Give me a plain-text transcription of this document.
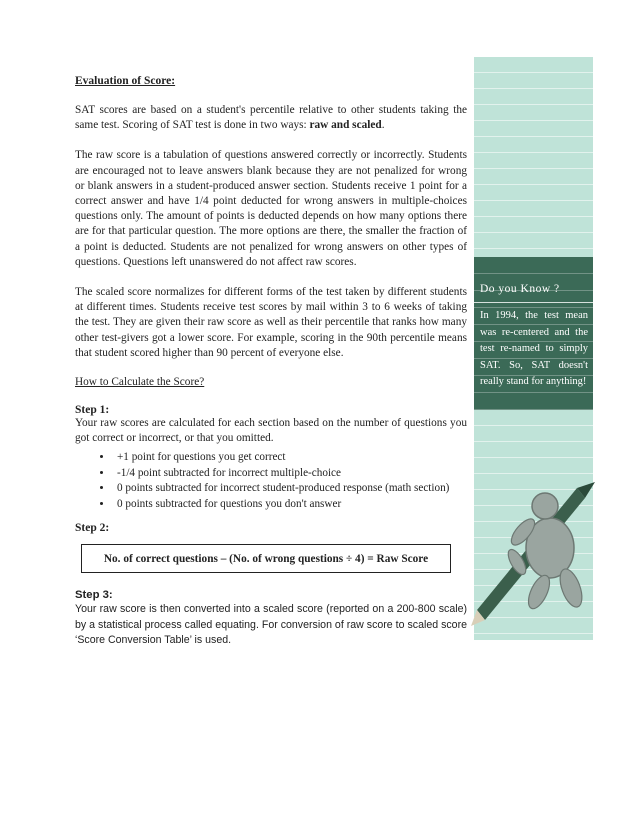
Do you Know ?
In 1994, the test mean was re-centered and the test re-named to simply SAT. So, SAT doesn't really stand for anything!

Evaluation of Score:

SAT scores are based on a student's percentile relative to other students taking the same test. Scoring of SAT test is done in two ways: raw and scaled.

The raw score is a tabulation of questions answered correctly or incorrectly. Students are encouraged not to leave answers blank because they are not penalized for wrong or blank answers in a student-produced answer section. Students receive 1 point for a correct answer and have 1/4 point deducted for wrong answers in multiple-choices questions only. The amount of points is deducted depends on how many options there are for that particular question. The more options are there, the smaller the fraction of a point is deducted. Students are not penalized for wrong answers on other types of questions. Questions left unanswered do not affect raw scores.

The scaled score normalizes for different forms of the test taken by different students at different times. Students receive test scores by mail within 3 to 6 weeks of taking the test. They are given their raw score as well as their percentile that ranks how many other test-givers got a lower score. For example, scoring in the 90th percentile means that student scored higher than 90 percent of everyone else.

How to Calculate the Score?

Step 1:

Your raw scores are calculated for each section based on the number of questions you got correct or incorrect, or that you omitted.

• +1 point for questions you get correct
• -1/4 point subtracted for incorrect multiple-choice
• 0 points subtracted for incorrect student-produced response (math section)
• 0 points subtracted for questions you don't answer

Step 2:

No. of correct questions – (No. of wrong questions ÷ 4) = Raw Score

Step 3:

Your raw score is then converted into a scaled score (reported on a 200-800 scale) by a statistical process called equating. For conversion of raw score to scaled score ‘Score Conversion Table’ is used.
